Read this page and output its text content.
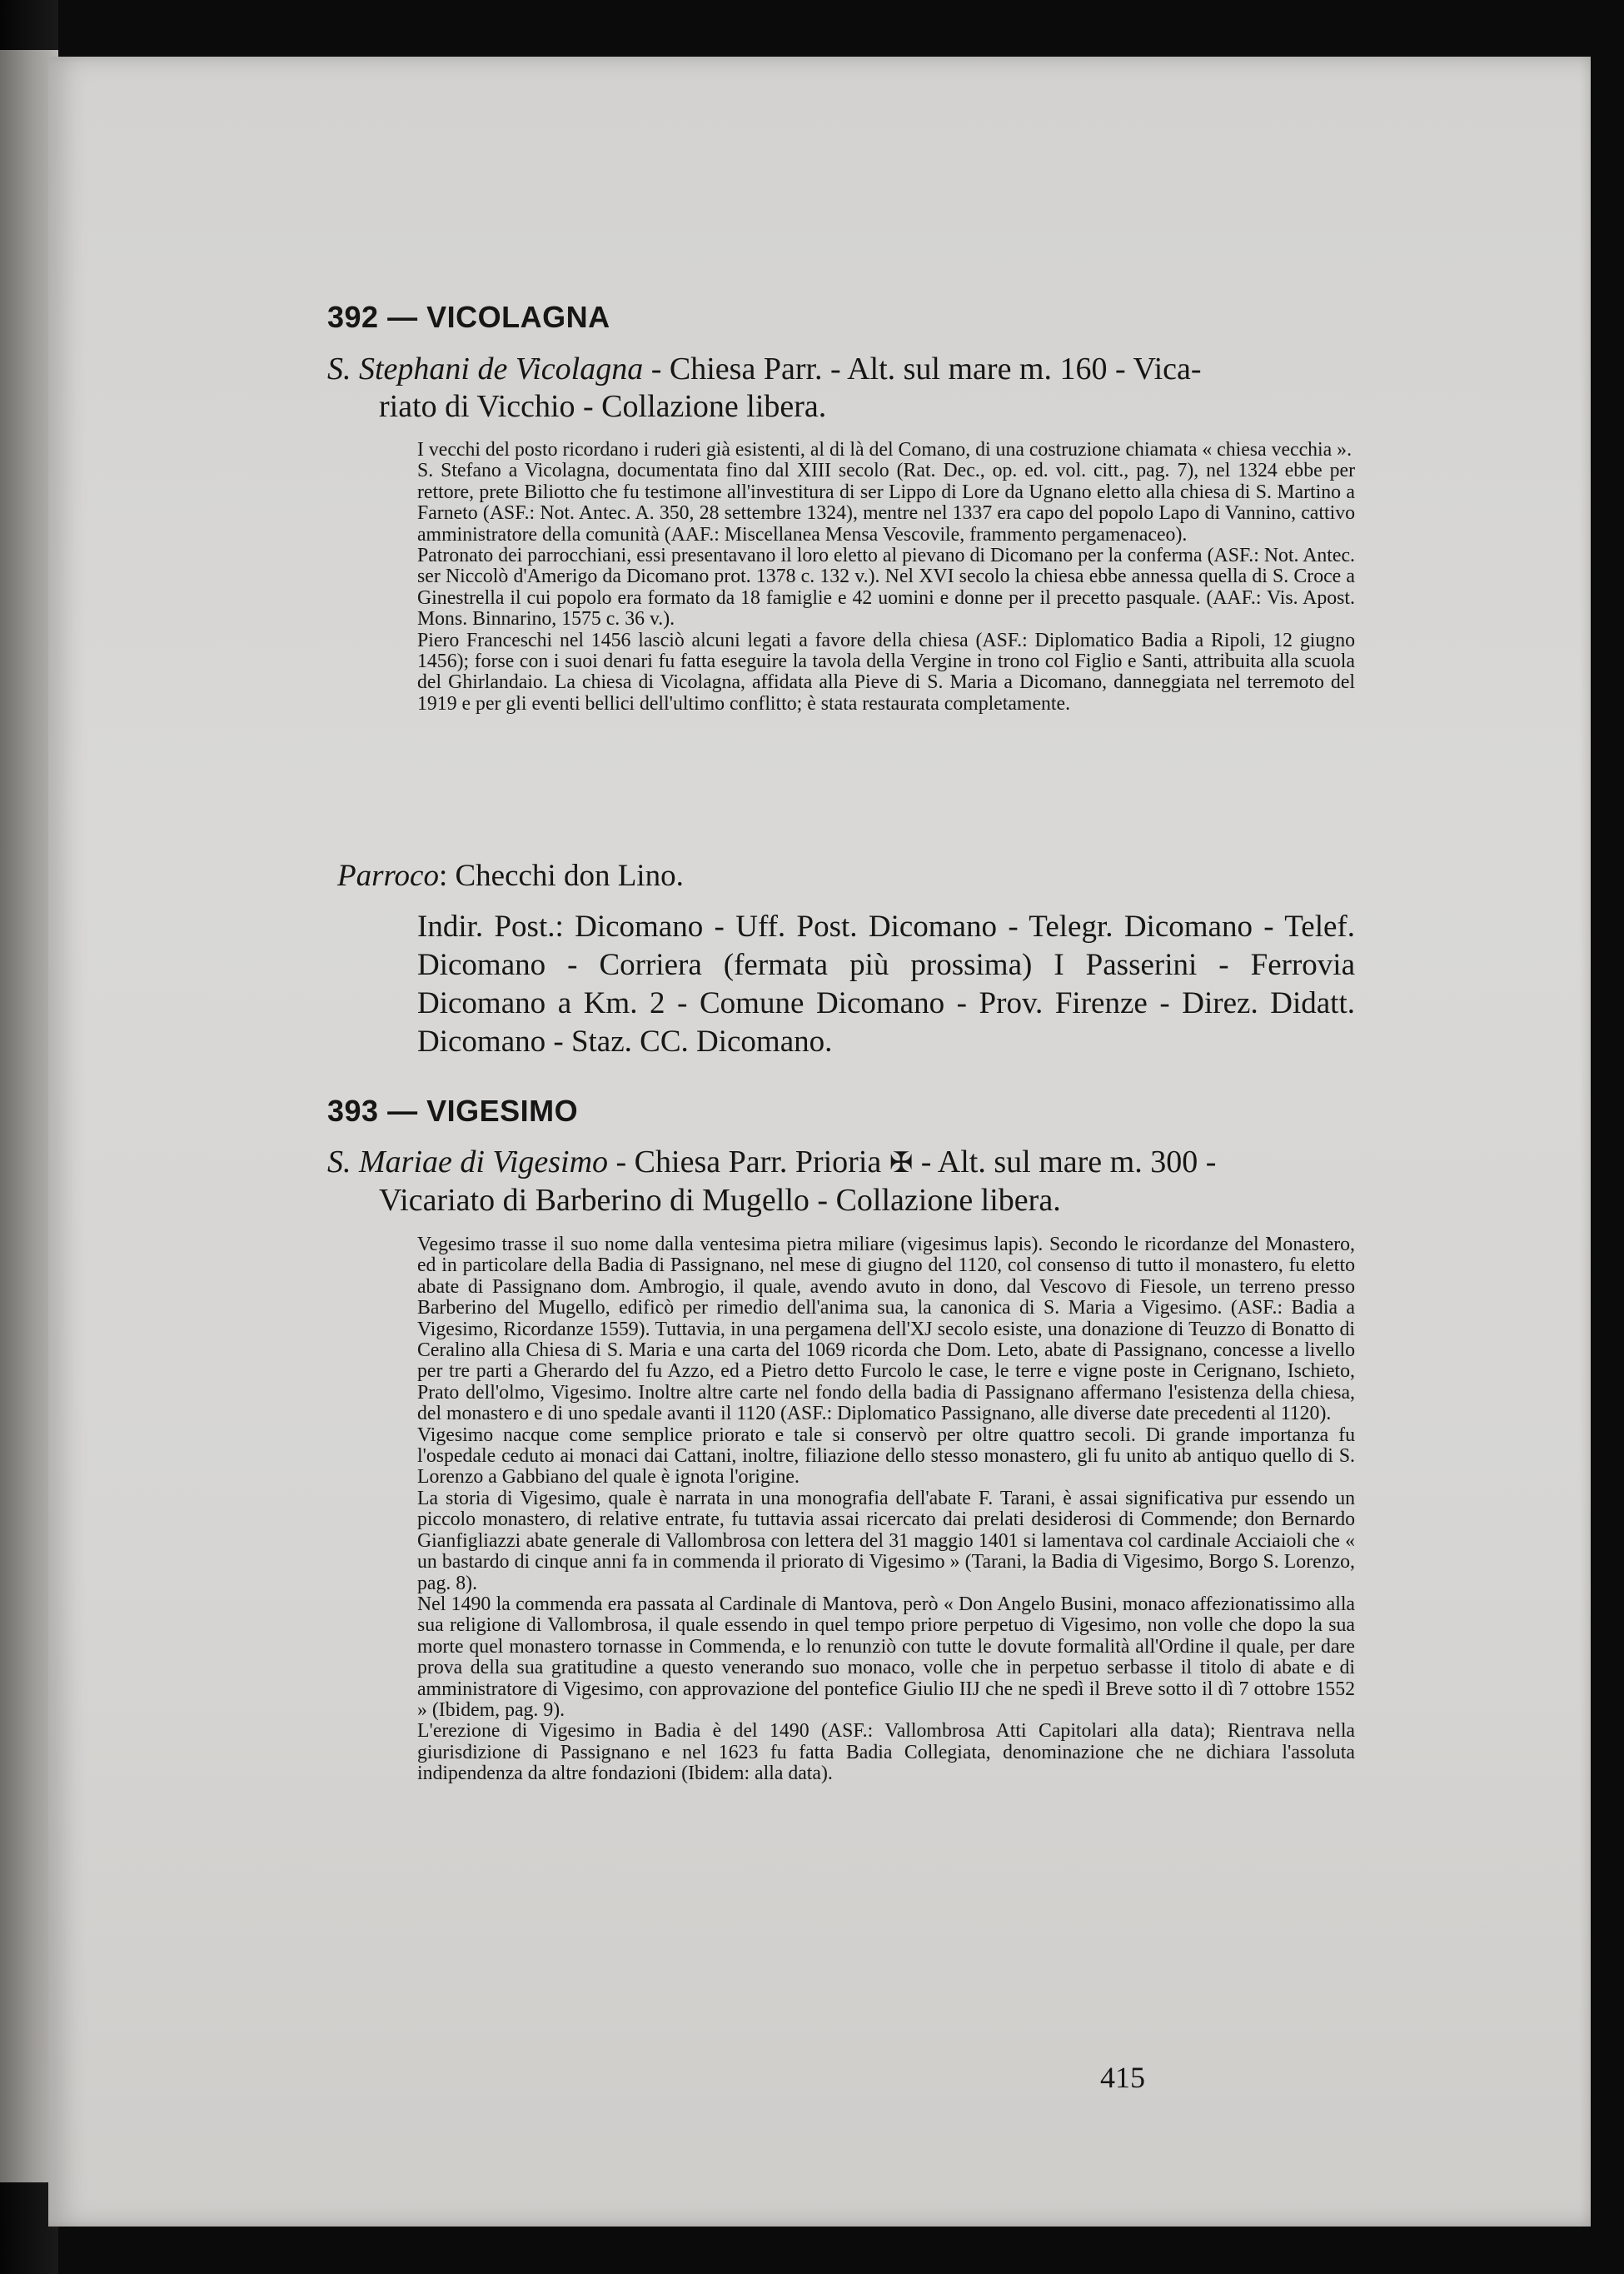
392 — VICOLAGNA
S. Stephani de Vicolagna - Chiesa Parr. - Alt. sul mare m. 160 - Vica-
riato di Vicchio - Collazione libera.

I vecchi del posto ricordano i ruderi già esistenti, al di là del Comano, di una costruzione chiamata « chiesa vecchia ».

S. Stefano a Vicolagna, documentata fino dal XIII secolo (Rat. Dec., op. ed. vol. citt., pag. 7), nel 1324 ebbe per rettore, prete Biliotto che fu testimone all'investitura di ser Lippo di Lore da Ugnano eletto alla chiesa di S. Martino a Farneto (ASF.: Not. Antec. A. 350, 28 settembre 1324), mentre nel 1337 era capo del popolo Lapo di Vannino, cattivo amministratore della comunità (AAF.: Miscellanea Mensa Vescovile, frammento pergamenaceo).

Patronato dei parrocchiani, essi presentavano il loro eletto al pievano di Dicomano per la conferma (ASF.: Not. Antec. ser Niccolò d'Amerigo da Dicomano prot. 1378 c. 132 v.). Nel XVI secolo la chiesa ebbe annessa quella di S. Croce a Ginestrella il cui popolo era formato da 18 famiglie e 42 uomini e donne per il precetto pasquale. (AAF.: Vis. Apost. Mons. Binnarino, 1575 c. 36 v.).

Piero Franceschi nel 1456 lasciò alcuni legati a favore della chiesa (ASF.: Diplomatico Badia a Ripoli, 12 giugno 1456); forse con i suoi denari fu fatta eseguire la tavola della Vergine in trono col Figlio e Santi, attribuita alla scuola del Ghirlandaio. La chiesa di Vicolagna, affidata alla Pieve di S. Maria a Dicomano, danneggiata nel terremoto del 1919 e per gli eventi bellici dell'ultimo conflitto; è stata restaurata completamente.

Parroco: Checchi don Lino.
Indir. Post.: Dicomano - Uff. Post. Dicomano - Telegr. Dicomano - Telef. Dicomano - Corriera (fermata più prossima) I Passerini - Ferrovia Dicomano a Km. 2 - Comune Dicomano - Prov. Firenze - Direz. Didatt. Dicomano - Staz. CC. Dicomano.
393 — VIGESIMO
S. Mariae di Vigesimo - Chiesa Parr. Prioria ✠ - Alt. sul mare m. 300 -
Vicariato di Barberino di Mugello - Collazione libera.

Vegesimo trasse il suo nome dalla ventesima pietra miliare (vigesimus lapis). Secondo le ricordanze del Monastero, ed in particolare della Badia di Passignano, nel mese di giugno del 1120, col consenso di tutto il monastero, fu eletto abate di Passignano dom. Ambrogio, il quale, avendo avuto in dono, dal Vescovo di Fiesole, un terreno presso Barberino del Mugello, edificò per rimedio dell'anima sua, la canonica di S. Maria a Vigesimo. (ASF.: Badia a Vigesimo, Ricordanze 1559). Tuttavia, in una pergamena dell'XJ secolo esiste, una donazione di Teuzzo di Bonatto di Ceralino alla Chiesa di S. Maria e una carta del 1069 ricorda che Dom. Leto, abate di Passignano, concesse a livello per tre parti a Gherardo del fu Azzo, ed a Pietro detto Furcolo le case, le terre e vigne poste in Cerignano, Ischieto, Prato dell'olmo, Vigesimo. Inoltre altre carte nel fondo della badia di Passignano affermano l'esistenza della chiesa, del monastero e di uno spedale avanti il 1120 (ASF.: Diplomatico Passignano, alle diverse date precedenti al 1120).

Vigesimo nacque come semplice priorato e tale si conservò per oltre quattro secoli. Di grande importanza fu l'ospedale ceduto ai monaci dai Cattani, inoltre, filiazione dello stesso monastero, gli fu unito ab antiquo quello di S. Lorenzo a Gabbiano del quale è ignota l'origine.

La storia di Vigesimo, quale è narrata in una monografia dell'abate F. Tarani, è assai significativa pur essendo un piccolo monastero, di relative entrate, fu tuttavia assai ricercato dai prelati desiderosi di Commende; don Bernardo Gianfigliazzi abate generale di Vallombrosa con lettera del 31 maggio 1401 si lamentava col cardinale Acciaioli che « un bastardo di cinque anni fa in commenda il priorato di Vigesimo » (Tarani, la Badia di Vigesimo, Borgo S. Lorenzo, pag. 8).

Nel 1490 la commenda era passata al Cardinale di Mantova, però « Don Angelo Busini, monaco affezionatissimo alla sua religione di Vallombrosa, il quale essendo in quel tempo priore perpetuo di Vigesimo, non volle che dopo la sua morte quel monastero tornasse in Commenda, e lo renunziò con tutte le dovute formalità all'Ordine il quale, per dare prova della sua gratitudine a questo venerando suo monaco, volle che in perpetuo serbasse il titolo di abate e di amministratore di Vigesimo, con approvazione del pontefice Giulio IIJ che ne spedì il Breve sotto il dì 7 ottobre 1552 » (Ibidem, pag. 9).

L'erezione di Vigesimo in Badia è del 1490 (ASF.: Vallombrosa Atti Capitolari alla data); Rientrava nella giurisdizione di Passignano e nel 1623 fu fatta Badia Collegiata, denominazione che ne dichiara l'assoluta indipendenza da altre fondazioni (Ibidem: alla data).

415
